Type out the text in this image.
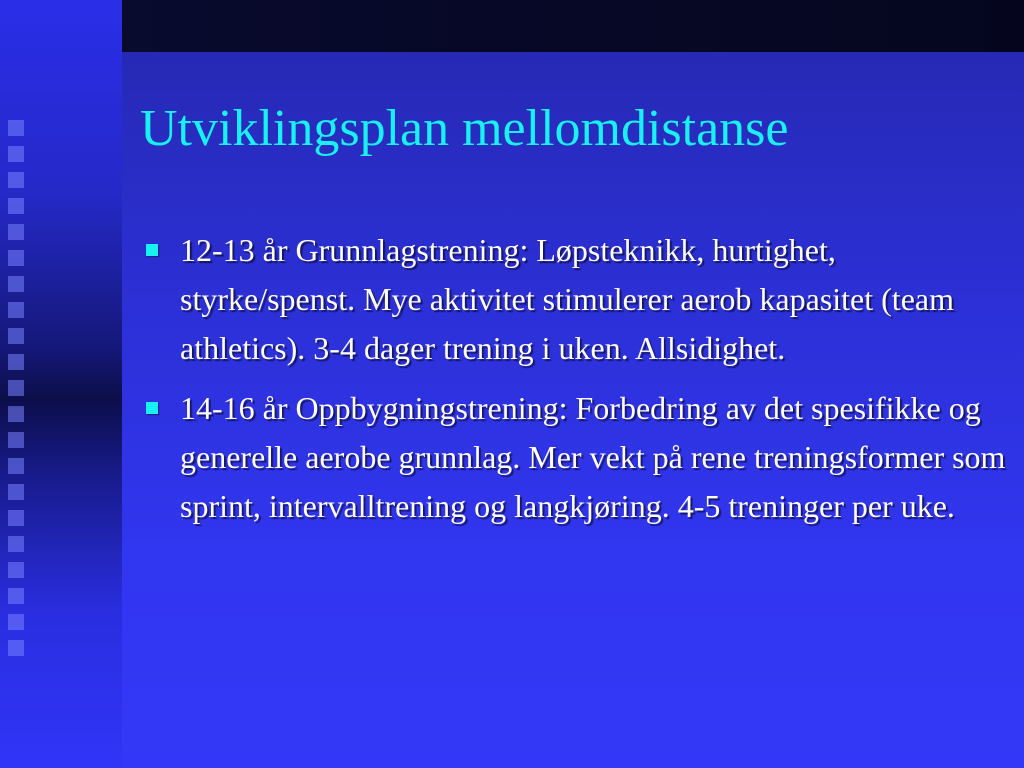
Utviklingsplan mellomdistanse
12-13 år Grunnlagstrening: Løpsteknikk, hurtighet, styrke/spenst. Mye aktivitet stimulerer aerob kapasitet (team athletics). 3-4 dager trening i uken. Allsidighet.
14-16 år Oppbygningstrening: Forbedring av det spesifikke og generelle aerobe grunnlag. Mer vekt på rene treningsformer som sprint, intervalltrening og langkjøring. 4-5 treninger per uke.
